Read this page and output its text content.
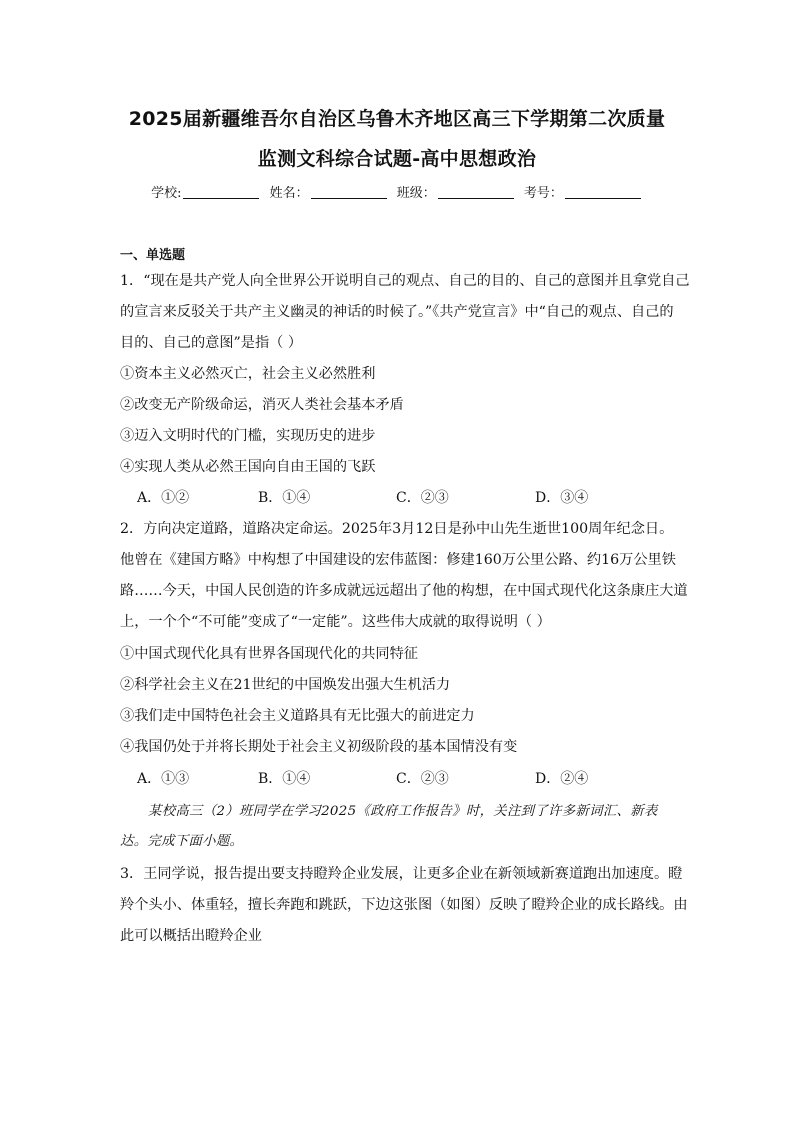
2025届新疆维吾尔自治区乌鲁木齐地区高三下学期第二次质量
监测文科综合试题-高中思想政治
学校:	姓名：	班级：	考号：
一、单选题
1．“现在是共产党人向全世界公开说明自己的观点、自己的目的、自己的意图并且拿党自己
的宣言来反驳关于共产主义幽灵的神话的时候了。”《共产党宣言》中“自己的观点、自己的
目的、自己的意图”是指（ ）
①资本主义必然灭亡，社会主义必然胜利
②改变无产阶级命运，消灭人类社会基本矛盾
③迈入文明时代的门槛，实现历史的进步
④实现人类从必然王国向自由王国的飞跃
A．①②	B．①④	C．②③	D．③④
2．方向决定道路，道路决定命运。2025年3月12日是孙中山先生逝世100周年纪念日。
他曾在《建国方略》中构想了中国建设的宏伟蓝图：修建160万公里公路、约16万公里铁
路……今天，中国人民创造的许多成就远远超出了他的构想，在中国式现代化这条康庄大道
上，一个个“不可能”变成了“一定能”。这些伟大成就的取得说明（ ）
①中国式现代化具有世界各国现代化的共同特征
②科学社会主义在21世纪的中国焕发出强大生机活力
③我们走中国特色社会主义道路具有无比强大的前进定力
④我国仍处于并将长期处于社会主义初级阶段的基本国情没有变
A．①③	B．①④	C．②③	D．②④
某校高三（2）班同学在学习2025《政府工作报告》时，关注到了许多新词汇、新表
达。完成下面小题。
3．王同学说，报告提出要支持瞪羚企业发展，让更多企业在新领域新赛道跑出加速度。瞪
羚个头小、体重轻，擅长奔跑和跳跃，下边这张图（如图）反映了瞪羚企业的成长路线。由
此可以概括出瞪羚企业
